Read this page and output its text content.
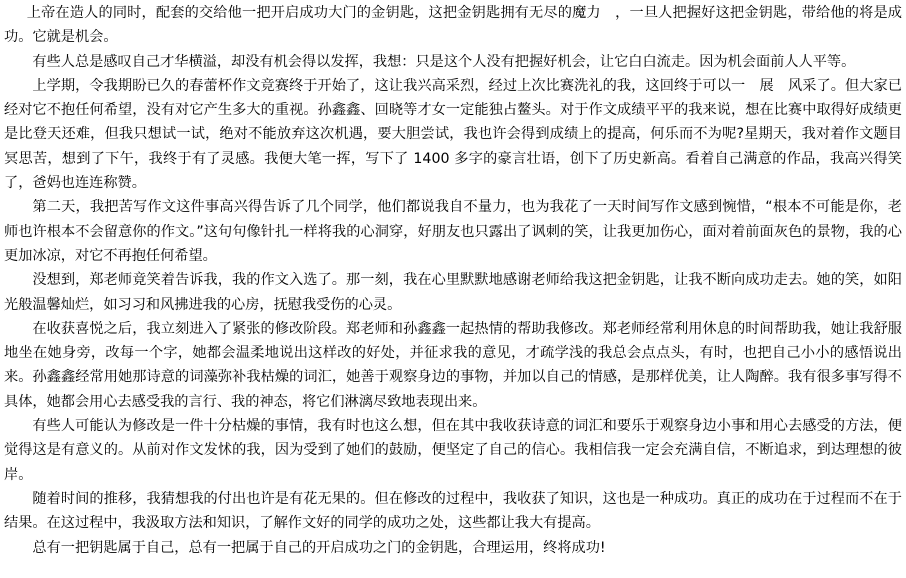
上帝在造人的同时，配套的交给他一把开启成功大门的金钥匙，这把金钥匙拥有无尽的魔力　，一旦人把握好这把金钥匙，带给他的将是成功。它就是机会。

有些人总是感叹自己才华横溢，却没有机会得以发挥，我想：只是这个人没有把握好机会，让它白白流走。因为机会面前人人平等。

上学期，令我期盼已久的春蕾杯作文竞赛终于开始了，这让我兴高采烈，经过上次比赛洗礼的我，这回终于可以一　展　风采了。但大家已经对它不抱任何希望，没有对它产生多大的重视。孙鑫鑫、回晓等才女一定能独占鳌头。对于作文成绩平平的我来说，想在比赛中取得好成绩更是比登天还难，但我只想试一试，绝对不能放弃这次机遇，要大胆尝试，我也许会得到成绩上的提高，何乐而不为呢?星期天，我对着作文题目冥思苦，想到了下午，我终于有了灵感。我便大笔一挥，写下了 1400 多字的豪言壮语，创下了历史新高。看着自己满意的作品，我高兴得笑了，爸妈也连连称赞。

第二天，我把苦写作文这件事高兴得告诉了几个同学，他们都说我自不量力，也为我花了一天时间写作文感到惋惜，“根本不可能是你，老师也许根本不会留意你的作文。”这句句像针扎一样将我的心洞穿，好朋友也只露出了讽刺的笑，让我更加伤心，面对着前面灰色的景物，我的心更加冰凉，对它不再抱任何希望。

没想到，郑老师竟笑着告诉我，我的作文入选了。那一刻，我在心里默默地感谢老师给我这把金钥匙，让我不断向成功走去。她的笑，如阳光般温馨灿烂，如习习和风拂进我的心房，抚慰我受伤的心灵。

在收获喜悦之后，我立刻进入了紧张的修改阶段。郑老师和孙鑫鑫一起热情的帮助我修改。郑老师经常利用休息的时间帮助我，她让我舒服地坐在她身旁，改每一个字，她都会温柔地说出这样改的好处，并征求我的意见，才疏学浅的我总会点点头，有时，也把自己小小的感悟说出来。孙鑫鑫经常用她那诗意的词藻弥补我枯燥的词汇，她善于观察身边的事物，并加以自己的情感，是那样优美，让人陶醉。我有很多事写得不具体，她都会用心去感受我的言行、我的神态，将它们淋漓尽致地表现出来。

有些人可能认为修改是一件十分枯燥的事情，我有时也这么想，但在其中我收获诗意的词汇和要乐于观察身边小事和用心去感受的方法，便觉得这是有意义的。从前对作文发怵的我，因为受到了她们的鼓励，便坚定了自己的信心。我相信我一定会充满自信，不断追求，到达理想的彼岸。

随着时间的推移，我猜想我的付出也许是有花无果的。但在修改的过程中，我收获了知识，这也是一种成功。真正的成功在于过程而不在于结果。在这过程中，我汲取方法和知识，了解作文好的同学的成功之处，这些都让我大有提高。

总有一把钥匙属于自己，总有一把属于自己的开启成功之门的金钥匙，合理运用，终将成功!
